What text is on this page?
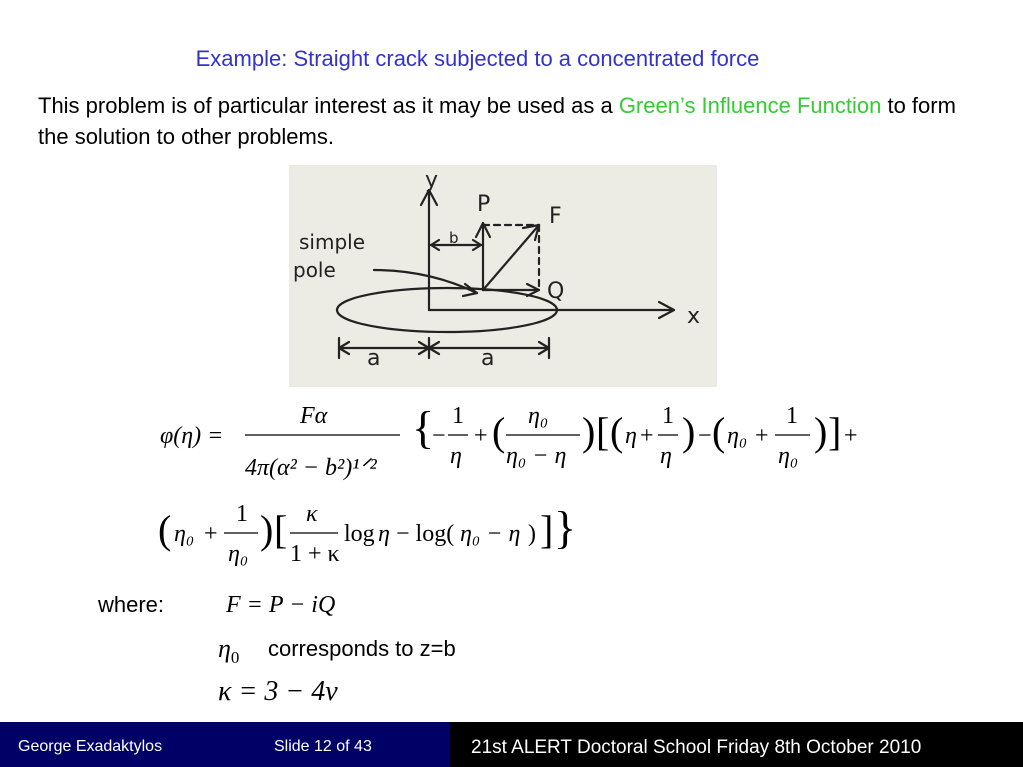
Example: Straight crack subjected to a concentrated force
This problem is of particular interest as it may be used as a Green’s Influence Function to form the solution to other problems.
y
x
P	F
Q
b
a	a
simple
pole
φ(η) =
Fα
4π(α² − b²)¹ᐟ²
{
−
1
η
+ ( η₀
η₀ − η
) [ ( η +
1
η
) − ( η₀ +
1
η₀
) ] +
( η₀ +
1
η₀
) [ κ
1 + κ
log η − log( η₀ − η ) ] }
where:	F = P − iQ
$\eta_0$ corresponds to z=b
κ = 3 − 4ν
George Exadaktylos	Slide 12 of 43	21st ALERT Doctoral School Friday 8th October 2010
